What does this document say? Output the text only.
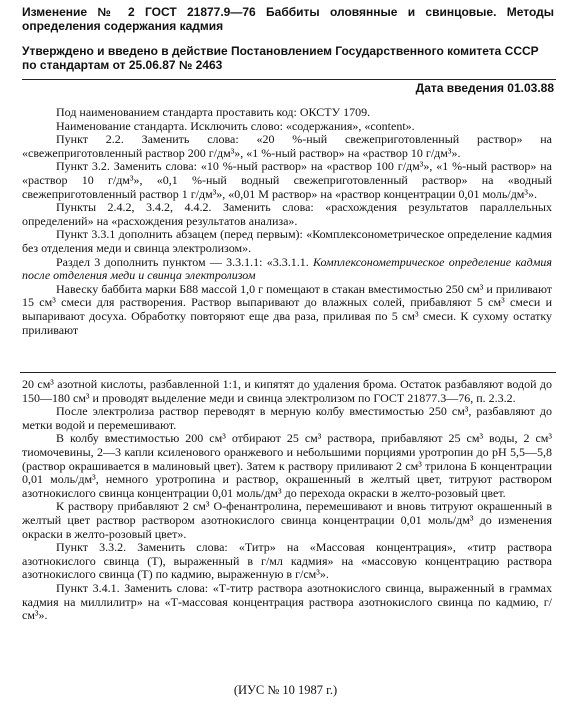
Изменение № 2 ГОСТ 21877.9—76 Баббиты оловянные и свинцовые. Методы определения содержания кадмия
Утверждено и введено в действие Постановлением Государственного комитета СССР по стандартам от 25.06.87 № 2463
Дата введения 01.03.88

Под наименованием стандарта проставить код: ОКСТУ 1709.

Наименование стандарта. Исключить слово: «содержания», «content».

Пункт 2.2. Заменить слова: «20 %-ный свежеприготовленный раствор» на «свежеприготовленный раствор 200 г/дм³», «1 %-ный раствор» на «раствор 10 г/дм³».

Пункт 3.2. Заменить слова: «10 %-ный раствор» на «раствор 100 г/дм³», «1 %-ный раствор» на «раствор 10 г/дм³», «0,1 %-ный водный свежеприготовленный раствор» на «водный свежеприготовленный раствор 1 г/дм³», «0,01 М раствор» на «раствор концентрации 0,01 моль/дм³».

Пункты 2.4.2, 3.4.2, 4.4.2. Заменить слова: «расхождения результатов параллельных определений» на «расхождения результатов анализа».

Пункт 3.3.1 дополнить абзацем (перед первым): «Комплексонометрическое определение кадмия без отделения меди и свинца электролизом».

Раздел 3 дополнить пунктом — 3.3.1.1: «3.3.1.1. Комплексонометрическое определение кадмия после отделения меди и свинца электролизом

Навеску баббита марки Б88 массой 1,0 г помещают в стакан вместимостью 250 см³ и приливают 15 см³ смеси для растворения. Раствор выпаривают до влажных солей, прибавляют 5 см³ смеси и выпаривают досуха. Обработку повторяют еще два раза, приливая по 5 см³ смеси. К сухому остатку приливают

20 см³ азотной кислоты, разбавленной 1:1, и кипятят до удаления брома. Остаток разбавляют водой до 150—180 см³ и проводят выделение меди и свинца электролизом по ГОСТ 21877.3—76, п. 2.3.2.

После электролиза раствор переводят в мерную колбу вместимостью 250 см³, разбавляют до метки водой и перемешивают.

В колбу вместимостью 200 см³ отбирают 25 см³ раствора, прибавляют 25 см³ воды, 2 см³ тиомочевины, 2—3 капли ксиленового оранжевого и небольшими порциями уротропин до рН 5,5—5,8 (раствор окрашивается в малиновый цвет). Затем к раствору приливают 2 см³ трилона Б концентрации 0,01 моль/дм³, немного уротропина и раствор, окрашенный в желтый цвет, титруют раствором азотнокислого свинца концентрации 0,01 моль/дм³ до перехода окраски в желто-розовый цвет.

К раствору прибавляют 2 см³ О-фенантролина, перемешивают и вновь титруют окрашенный в желтый цвет раствор раствором азотнокислого свинца концентрации 0,01 моль/дм³ до изменения окраски в желто-розовый цвет».

Пункт 3.3.2. Заменить слова: «Титр» на «Массовая концентрация», «титр раствора азотнокислого свинца (Т), выраженный в г/мл кадмия» на «массовую концентрацию раствора азотнокислого свинца (Т) по кадмию, выраженную в г/см³».

Пункт 3.4.1. Заменить слова: «Т-титр раствора азотнокислого свинца, выраженный в граммах кадмия на миллилитр» на «Т-массовая концентрация раствора азотнокислого свинца по кадмию, г/см³».

(ИУС № 10 1987 г.)
